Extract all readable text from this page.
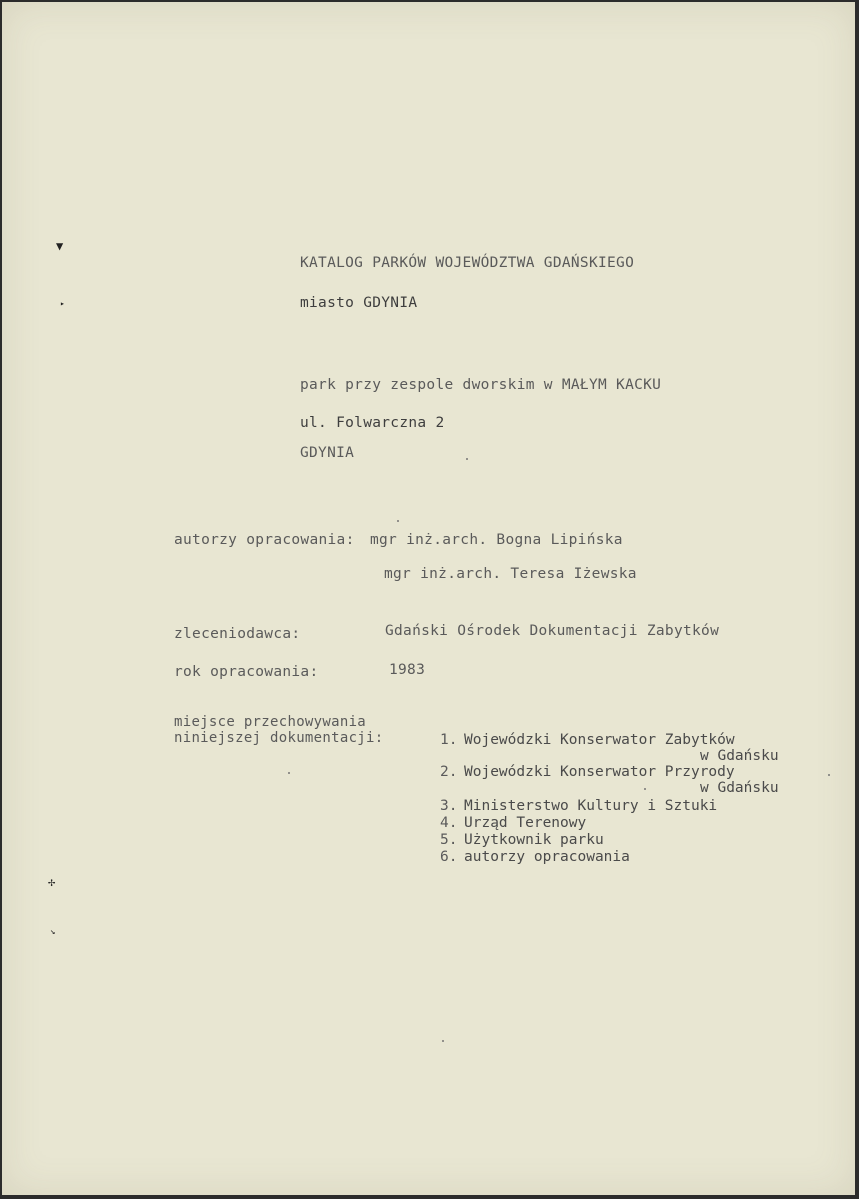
▼
▸
✢
↘
KATALOG PARKÓW WOJEWÓDZTWA GDAŃSKIEGO
miasto GDYNIA
park przy zespole dworskim w MAŁYM KACKU
ul. Folwarczna 2
GDYNIA
autorzy opracowania: mgr inż.arch. Bogna Lipińska
mgr inż.arch. Teresa Iżewska
zleceniodawca:	Gdański Ośrodek Dokumentacji Zabytków
rok opracowania:	1983
miejsce przechowywania
niniejszej dokumentacji:	1. Wojewódzki Konserwator Zabytków
w Gdańsku
2. Wojewódzki Konserwator Przyrody
w Gdańsku
3. Ministerstwo Kultury i Sztuki
4. Urząd Terenowy
5. Użytkownik parku
6. autorzy opracowania
